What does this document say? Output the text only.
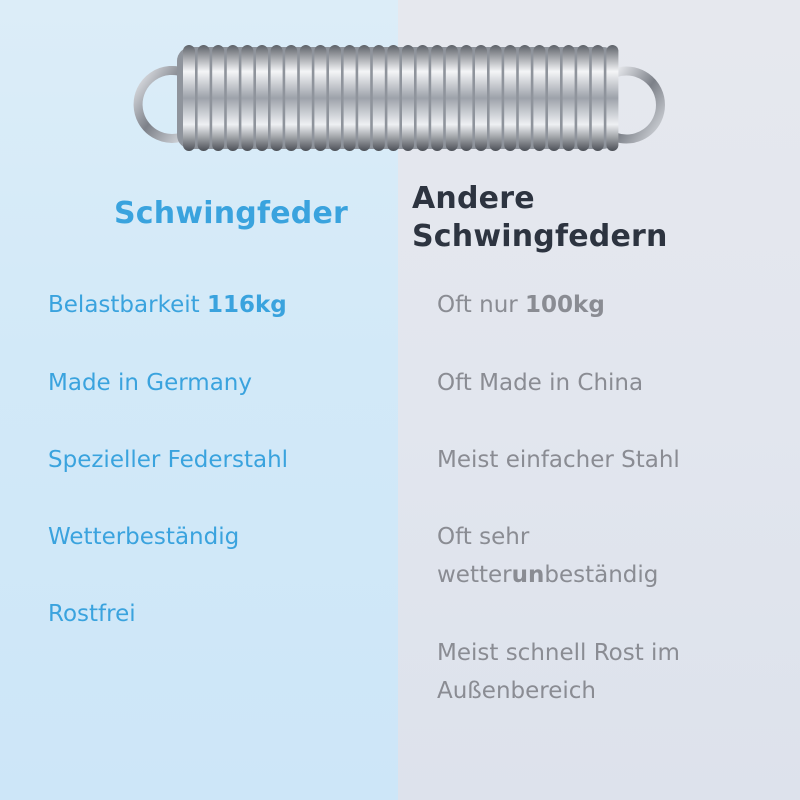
Schwingfeder Andere
Schwingfedern
Belastbarkeit 116kg
Made in Germany
Spezieller Federstahl
Wetterbeständig
Rostfrei
Oft nur 100kg
Oft Made in China
Meist einfacher Stahl
Oft sehr
wetterunbeständig
Meist schnell Rost im
Außenbereich
